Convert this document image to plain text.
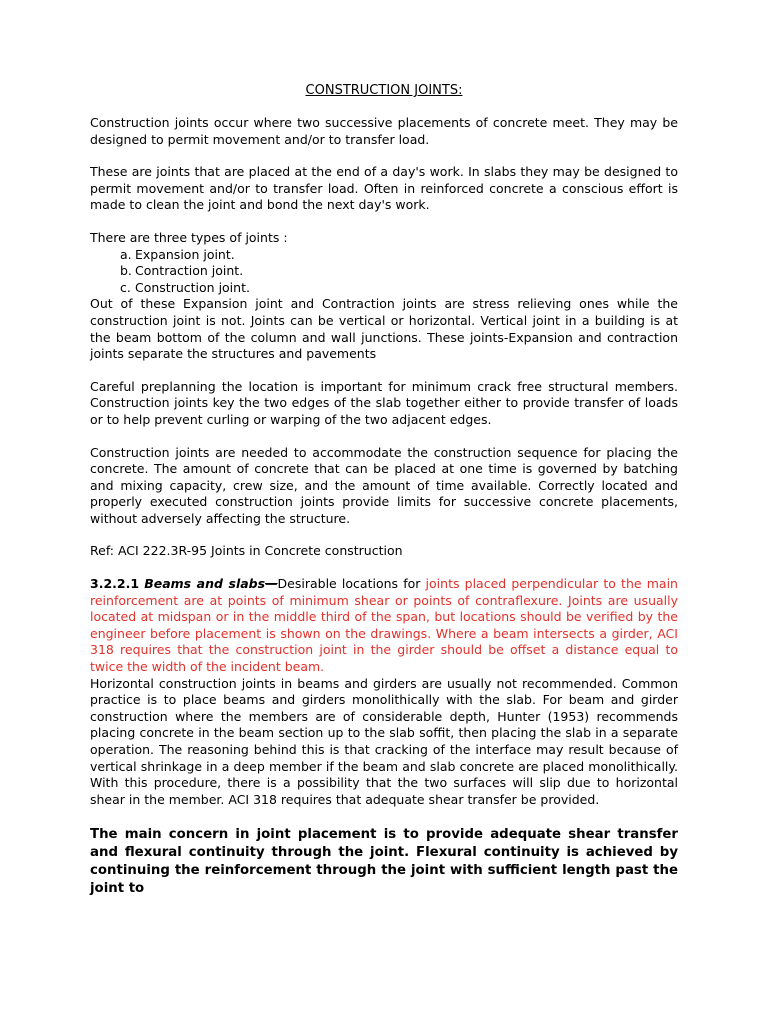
CONSTRUCTION JOINTS:

Construction joints occur where two successive placements of concrete meet. They may be designed to permit movement and/or to transfer load.

These are joints that are placed at the end of a day's work. In slabs they may be designed to permit movement and/or to transfer load. Often in reinforced concrete a conscious effort is made to clean the joint and bond the next day's work.

There are three types of joints :

a. Expansion joint.
b. Contraction joint.
c. Construction joint.

Out of these Expansion joint and Contraction joints are stress relieving ones while the construction joint is not. Joints can be vertical or horizontal. Vertical joint in a building is at the beam bottom of the column and wall junctions. These joints-Expansion and contraction joints separate the structures and pavements

Careful preplanning the location is important for minimum crack free structural members. Construction joints key the two edges of the slab together either to provide transfer of loads or to help prevent curling or warping of the two adjacent edges.

Construction joints are needed to accommodate the construction sequence for placing the concrete. The amount of concrete that can be placed at one time is governed by batching and mixing capacity, crew size, and the amount of time available. Correctly located and properly executed construction joints provide limits for successive concrete placements, without adversely affecting the structure.

Ref: ACI 222.3R-95 Joints in Concrete construction

3.2.2.1 Beams and slabs—Desirable locations for joints placed perpendicular to the main reinforcement are at points of minimum shear or points of contraflexure. Joints are usually located at midspan or in the middle third of the span, but locations should be verified by the engineer before placement is shown on the drawings. Where a beam intersects a girder, ACI 318 requires that the construction joint in the girder should be offset a distance equal to twice the width of the incident beam.

Horizontal construction joints in beams and girders are usually not recommended. Common practice is to place beams and girders monolithically with the slab. For beam and girder construction where the members are of considerable depth, Hunter (1953) recommends placing concrete in the beam section up to the slab soffit, then placing the slab in a separate operation. The reasoning behind this is that cracking of the interface may result because of vertical shrinkage in a deep member if the beam and slab concrete are placed monolithically. With this procedure, there is a possibility that the two surfaces will slip due to horizontal shear in the member. ACI 318 requires that adequate shear transfer be provided.

The main concern in joint placement is to provide adequate shear transfer and flexural continuity through the joint. Flexural continuity is achieved by continuing the reinforcement through the joint with sufficient length past the joint to
